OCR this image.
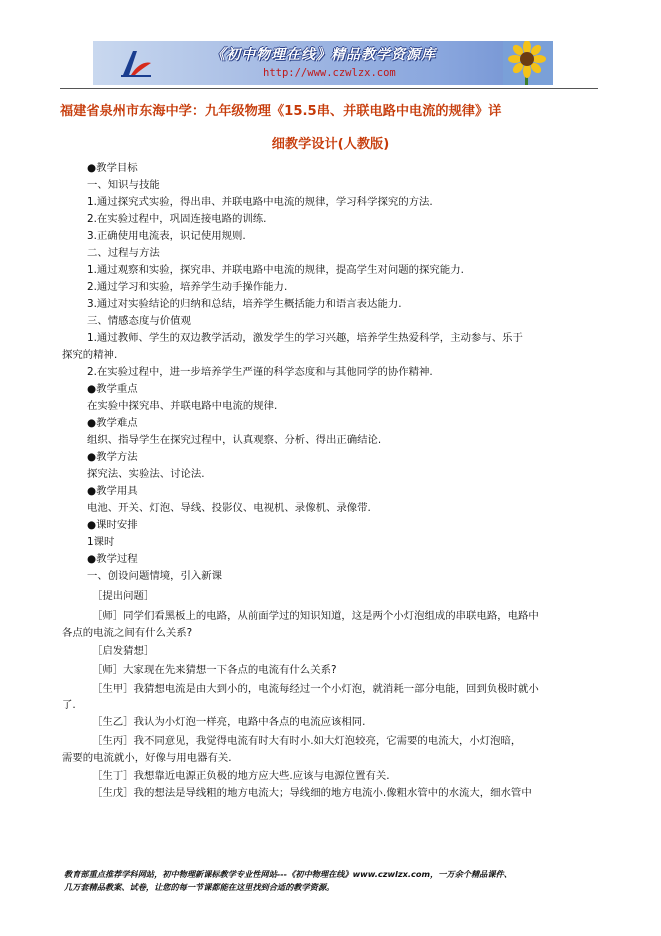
《初中物理在线》精品教学资源库
http://www.czwlzx.com
福建省泉州市东海中学：九年级物理《15.5串、并联电路中电流的规律》详
细教学设计(人教版)
●教学目标
一、知识与技能
1.通过探究式实验，得出串、并联电路中电流的规律，学习科学探究的方法.
2.在实验过程中，巩固连接电路的训练.
3.正确使用电流表，识记使用规则.
二、过程与方法
1.通过观察和实验，探究串、并联电路中电流的规律，提高学生对问题的探究能力.
2.通过学习和实验，培养学生动手操作能力.
3.通过对实验结论的归纳和总结，培养学生概括能力和语言表达能力.
三、情感态度与价值观
1.通过教师、学生的双边教学活动，激发学生的学习兴趣，培养学生热爱科学，主动参与、乐于
探究的精神.
2.在实验过程中，进一步培养学生严谨的科学态度和与其他同学的协作精神.
●教学重点
在实验中探究串、并联电路中电流的规律.
●教学难点
组织、指导学生在探究过程中，认真观察、分析、得出正确结论.
●教学方法
探究法、实验法、讨论法.
●教学用具
电池、开关、灯泡、导线、投影仪、电视机、录像机、录像带.
●课时安排
1课时
●教学过程
一、创设问题情境，引入新课
［提出问题］
［师］同学们看黑板上的电路，从前面学过的知识知道，这是两个小灯泡组成的串联电路，电路中
各点的电流之间有什么关系?
［启发猜想］
［师］大家现在先来猜想一下各点的电流有什么关系?
［生甲］我猜想电流是由大到小的，电流每经过一个小灯泡，就消耗一部分电能，回到负极时就小
了.
［生乙］我认为小灯泡一样亮，电路中各点的电流应该相同.
［生丙］我不同意见，我觉得电流有时大有时小.如大灯泡较亮，它需要的电流大，小灯泡暗，
需要的电流就小，好像与用电器有关.
［生丁］我想靠近电源正负极的地方应大些.应该与电源位置有关.
［生戊］我的想法是导线粗的地方电流大；导线细的地方电流小.像粗水管中的水流大，细水管中
教育部重点推荐学科网站，初中物理新课标教学专业性网站---《初中物理在线》www.czwlzx.com，一万余个精品课件、
几万套精品教案、试卷，让您的每一节课都能在这里找到合适的教学资源。
